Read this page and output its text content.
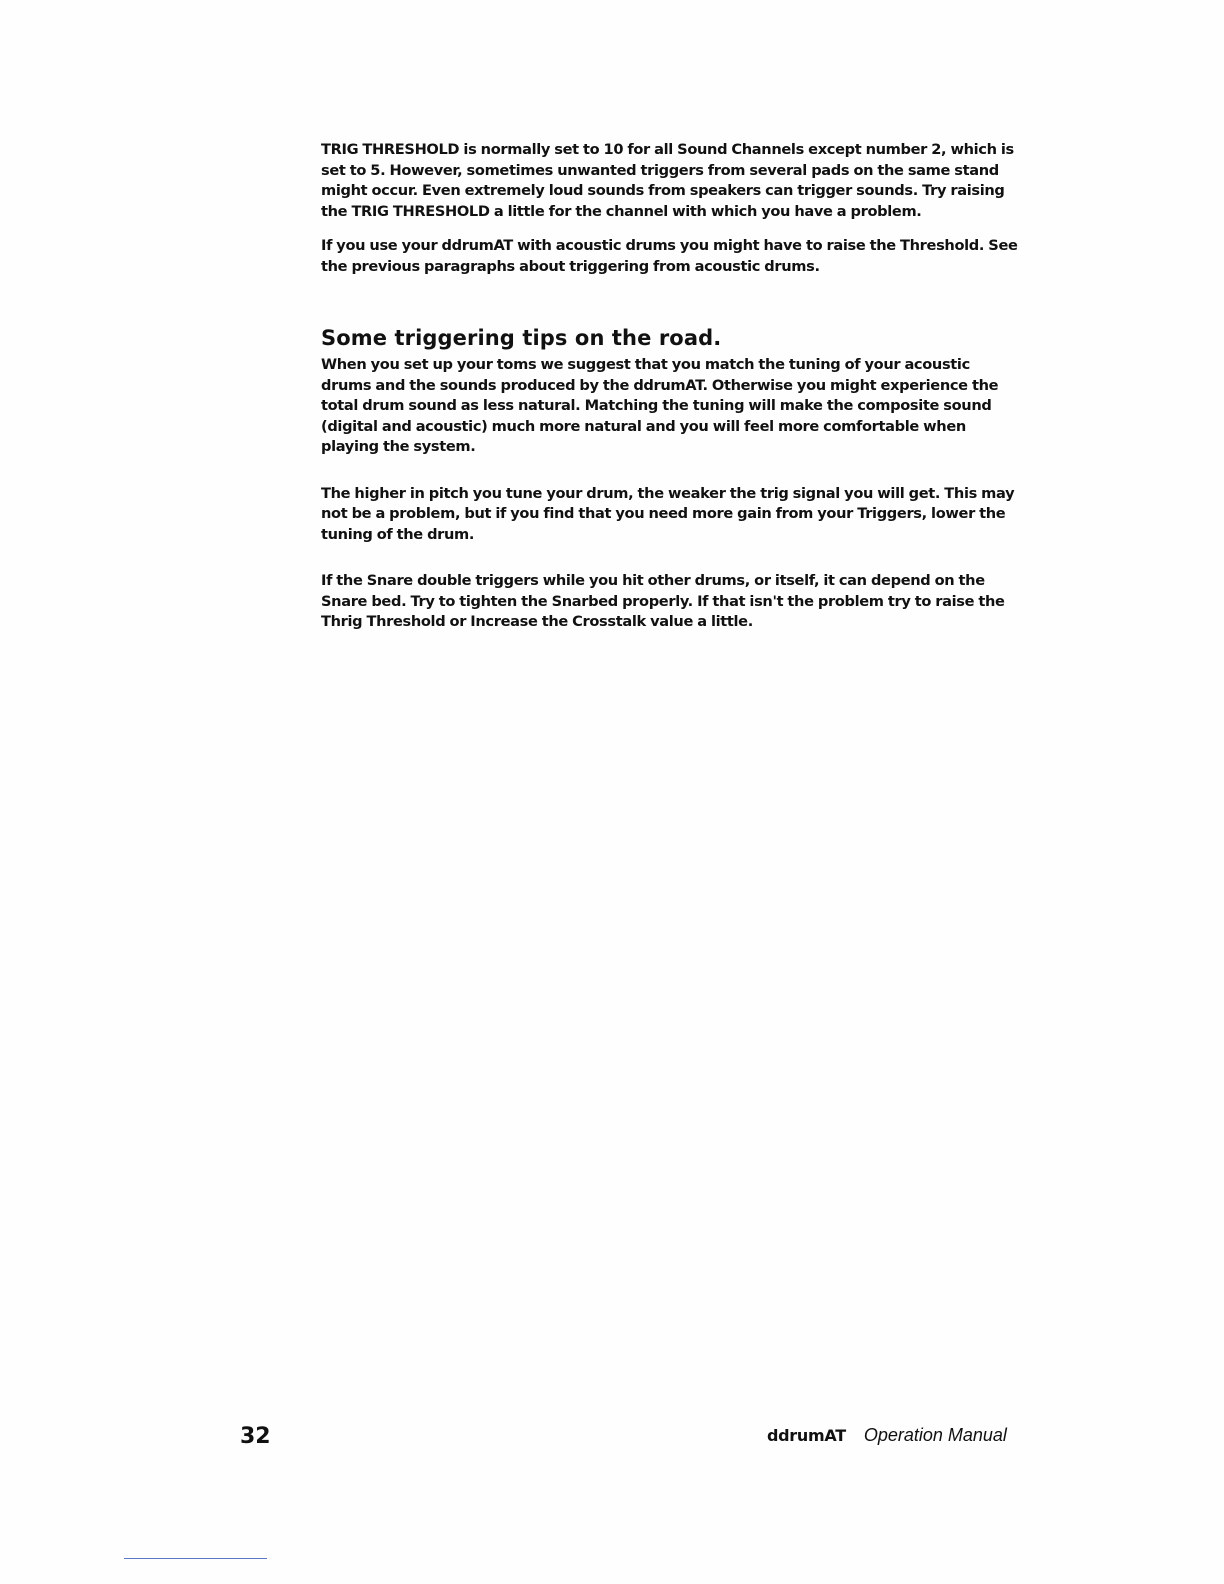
TRIG THRESHOLD is normally set to 10 for all Sound Channels except number 2, which is set to 5. However, sometimes unwanted triggers from several pads on the same stand might occur. Even extremely loud sounds from speakers can trigger sounds. Try raising the TRIG THRESHOLD a little for the channel with which you have a problem.

If you use your ddrumAT with acoustic drums you might have to raise the Threshold. See the previous paragraphs about triggering from acoustic drums.

Some triggering tips on the road.

When you set up your toms we suggest that you match the tuning of your acoustic drums and the sounds produced by the ddrumAT. Otherwise you might experience the total drum sound as less natural. Matching the tuning will make the composite sound (digital and acoustic) much more natural and you will feel more comfortable when playing the system.

The higher in pitch you tune your drum, the weaker the trig signal you will get. This may not be a problem, but if you find that you need more gain from your Triggers, lower the tuning of the drum.

If the Snare double triggers while you hit other drums, or itself, it can depend on the Snare bed. Try to tighten the Snarbed properly. If that isn't the problem try to raise the Thrig Threshold or Increase the Crosstalk value a little.

32	ddrumAT Operation Manual
